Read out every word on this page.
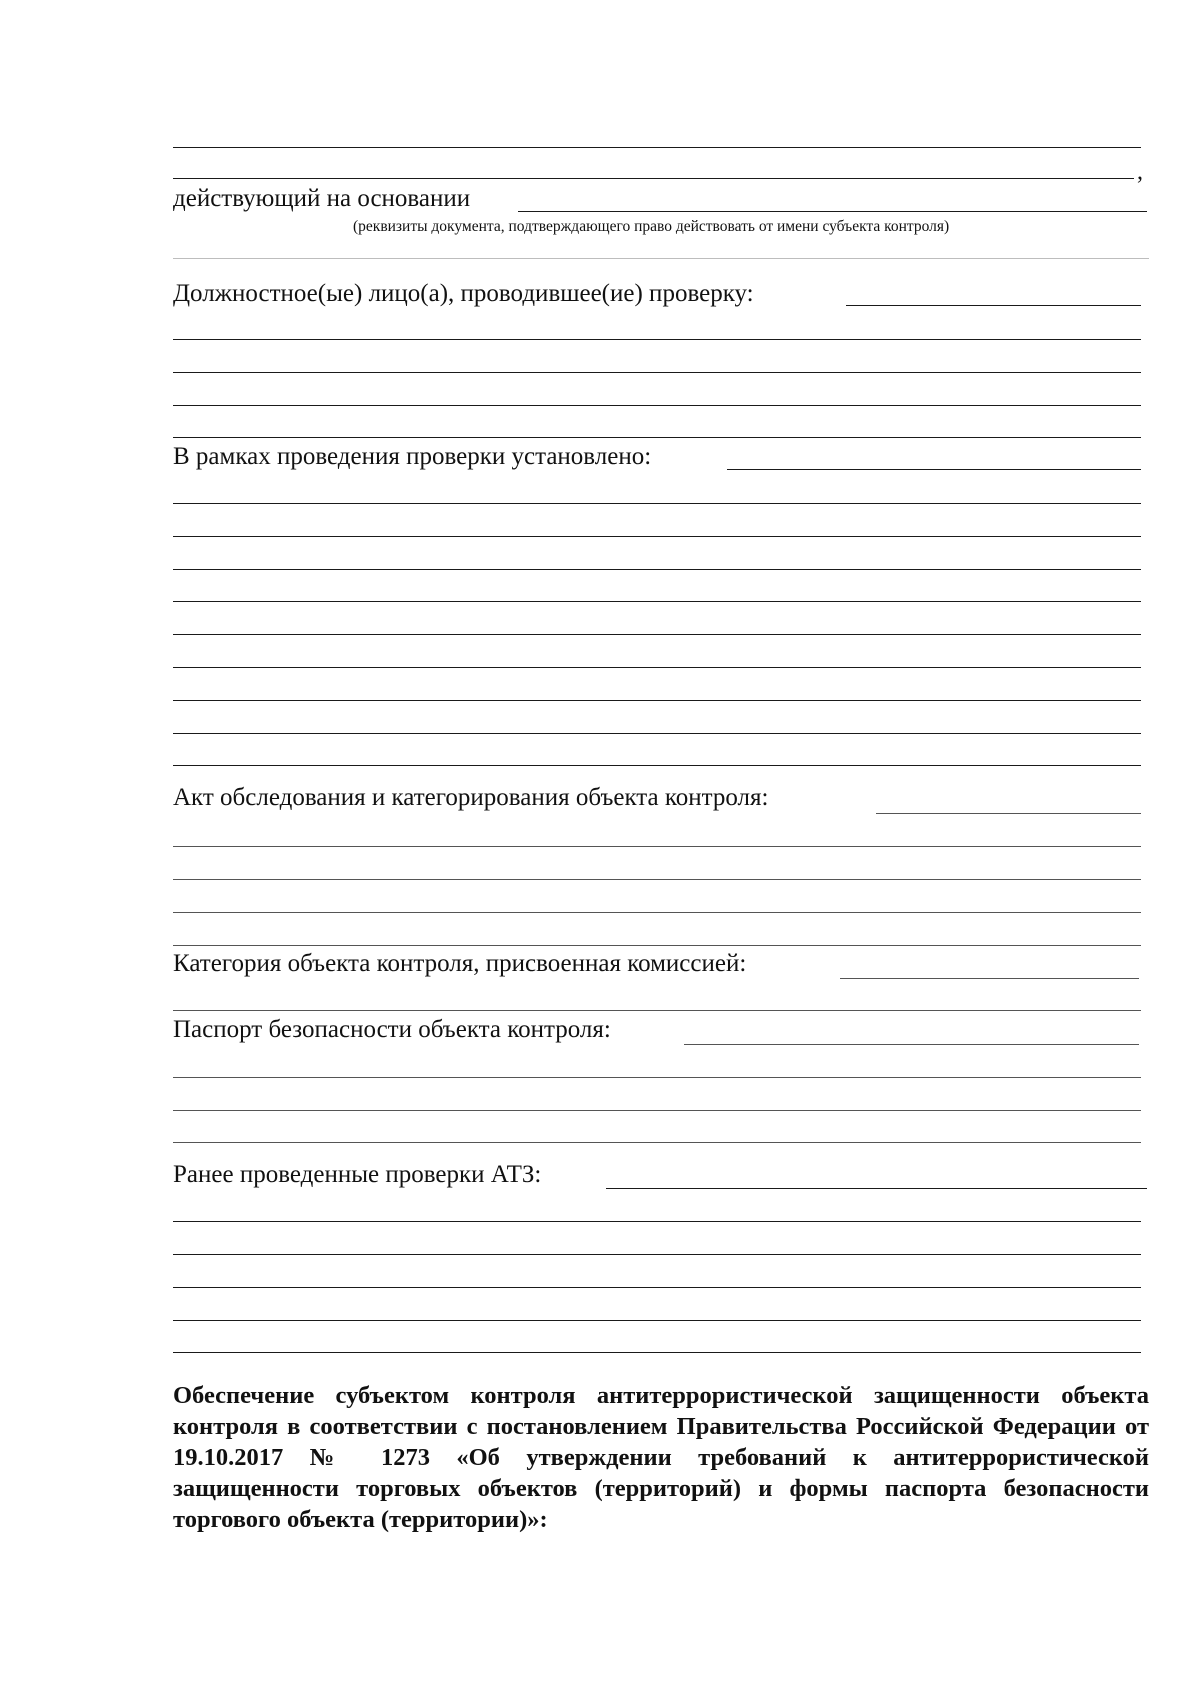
,
действующий на основании
(реквизиты документа, подтверждающего право действовать от имени субъекта контроля)
Должностное(ые) лицо(а), проводившее(ие) проверку:
В рамках проведения проверки установлено:
Акт обследования и категорирования объекта контроля:
Категория объекта контроля, присвоенная комиссией:
Паспорт безопасности объекта контроля:
Ранее проведенные проверки АТЗ:
Обеспечение субъектом контроля антитеррористической защищенности объекта контроля в соответствии с постановлением Правительства Российской Федерации от 19.10.2017 № 1273 «Об утверждении требований к антитеррористической защищенности торговых объектов (территорий) и формы паспорта безопасности торгового объекта (территории)»:
